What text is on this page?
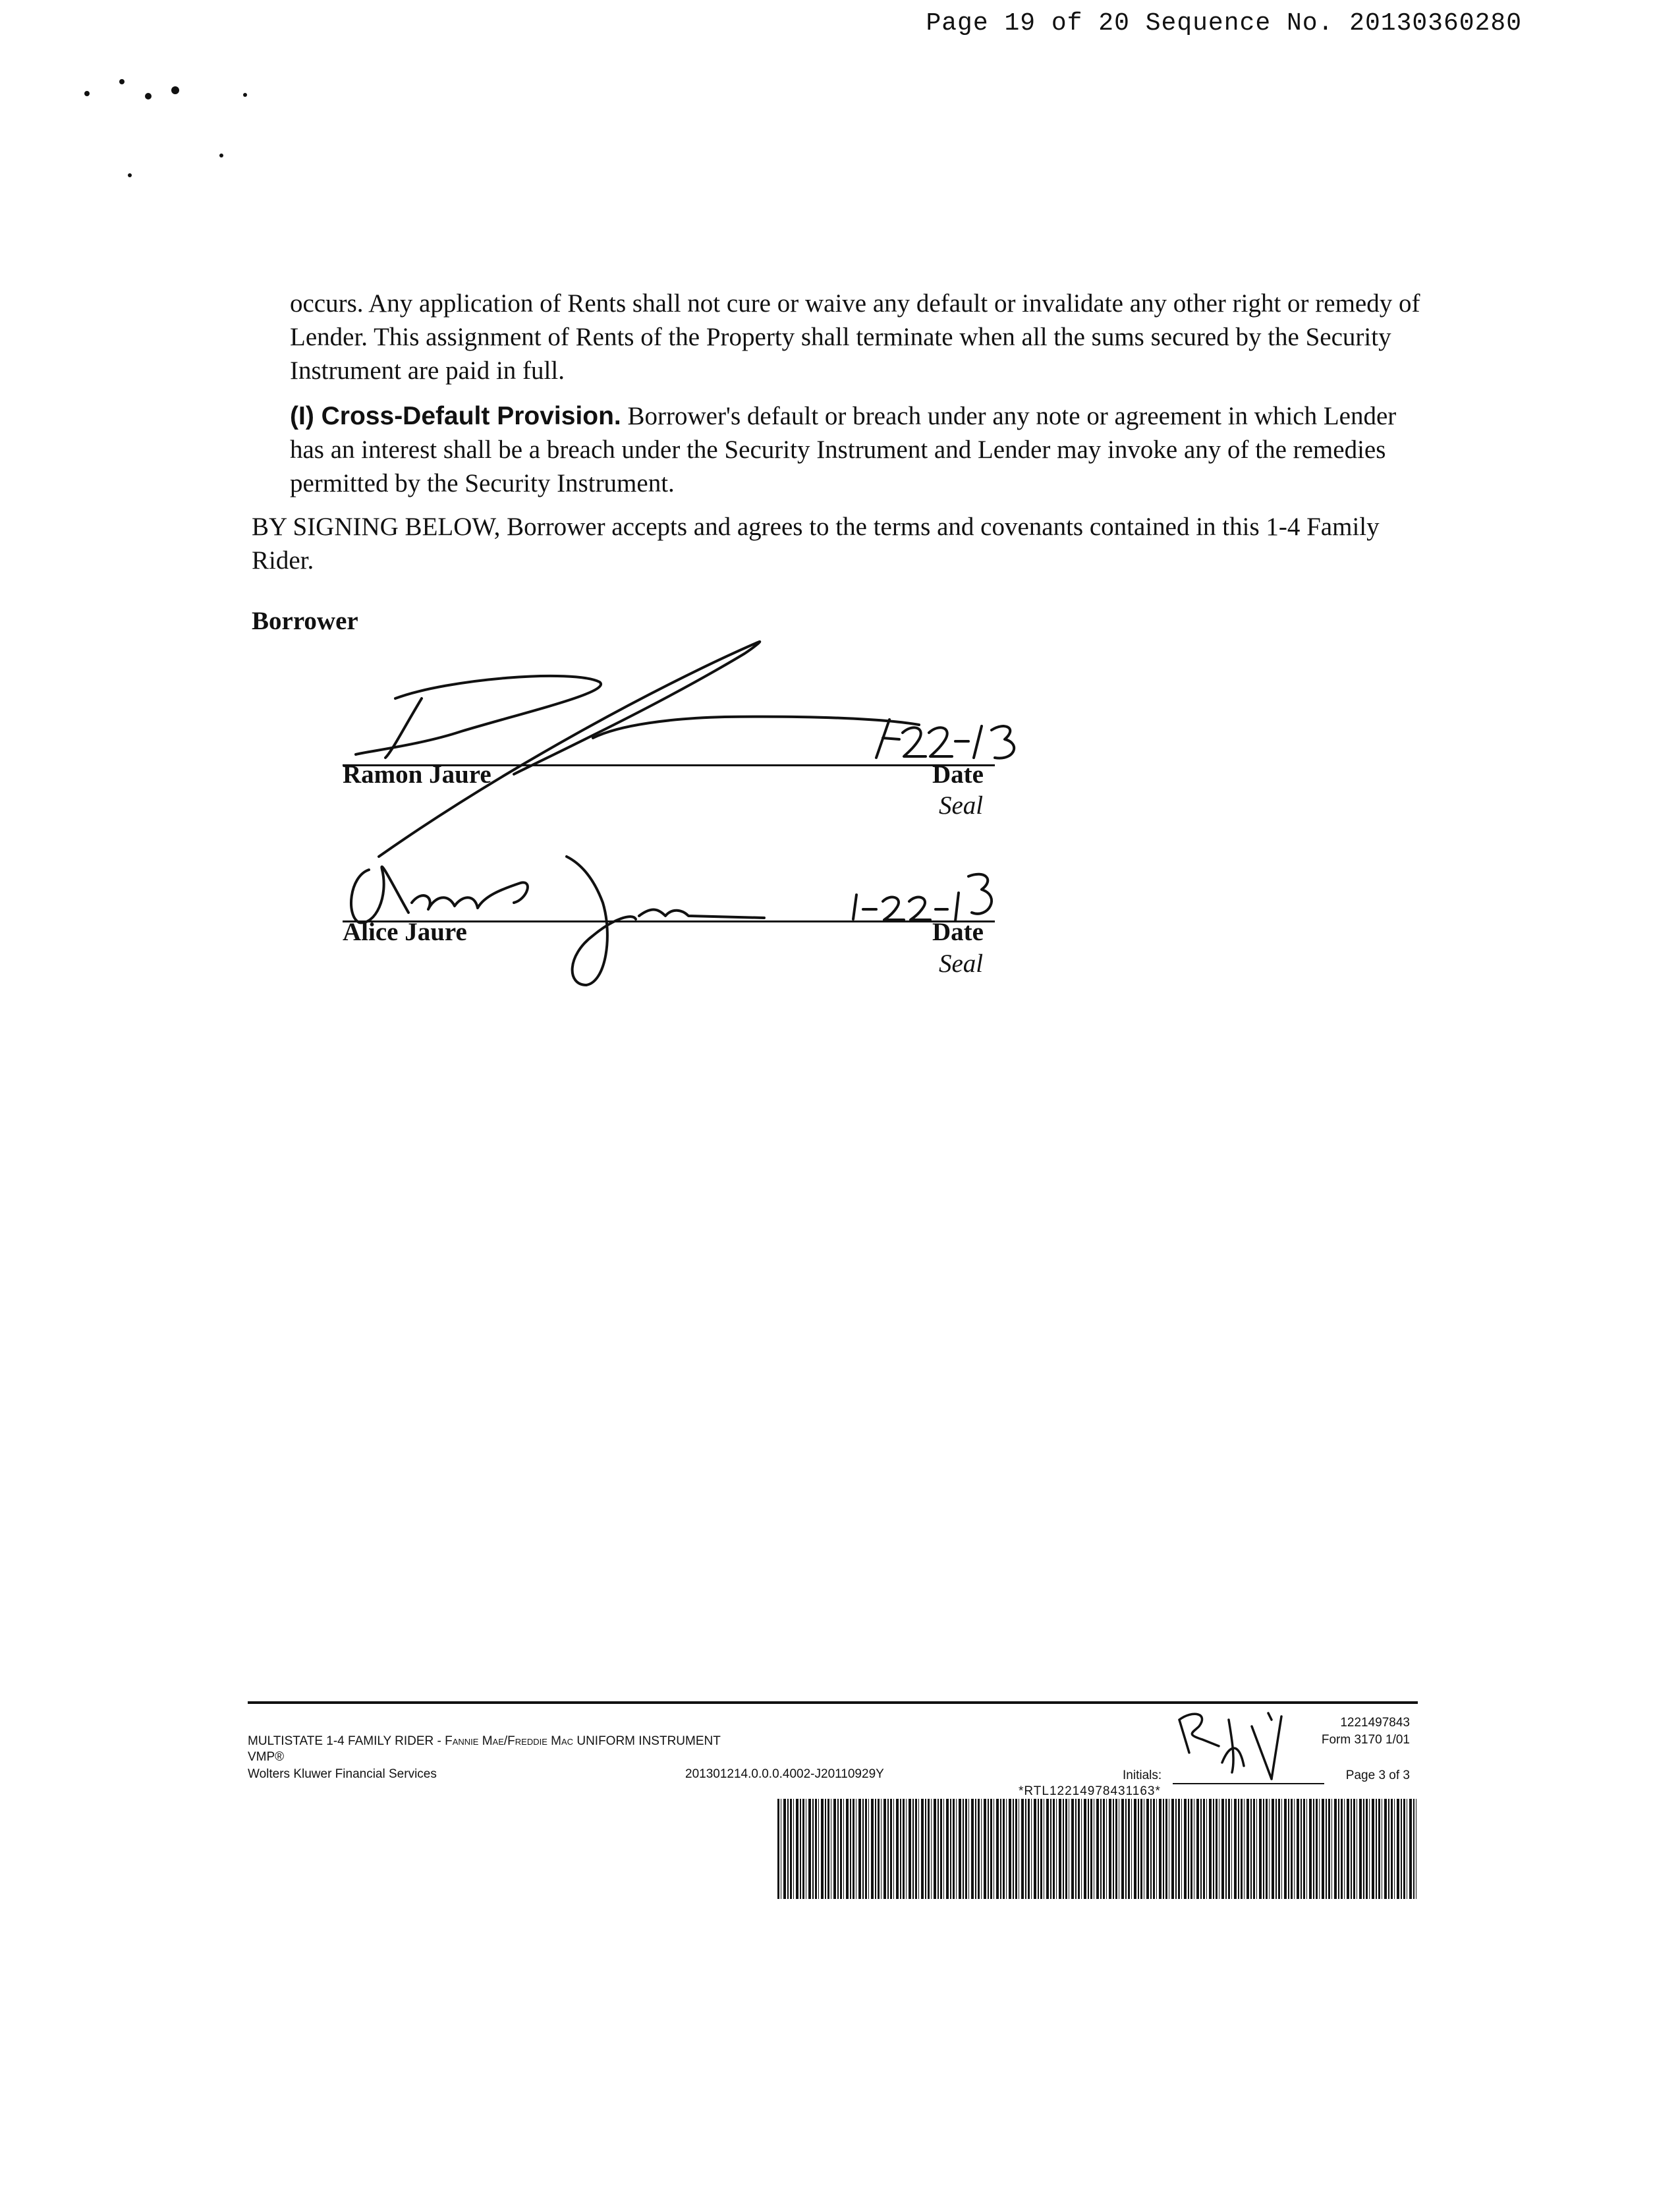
Page 19 of 20 Sequence No. 20130360280
occurs. Any application of Rents shall not cure or waive any default or invalidate any other right or remedy of Lender. This assignment of Rents of the Property shall terminate when all the sums secured by the Security Instrument are paid in full.
(I) Cross-Default Provision. Borrower's default or breach under any note or agreement in which Lender has an interest shall be a breach under the Security Instrument and Lender may invoke any of the remedies permitted by the Security Instrument.
BY SIGNING BELOW, Borrower accepts and agrees to the terms and covenants contained in this 1-4 Family Rider.
Borrower
Ramon Jaure	Date
Seal
Alice Jaure	Date
Seal
MULTISTATE 1-4 FAMILY RIDER - Fannie Mae/Freddie Mac UNIFORM INSTRUMENT
VMP®
Wolters Kluwer Financial Services	201301214.0.0.0.4002-J20110929Y	Initials:
1221497843
Form 3170 1/01
Page 3 of 3
*RTL12214978431163*
